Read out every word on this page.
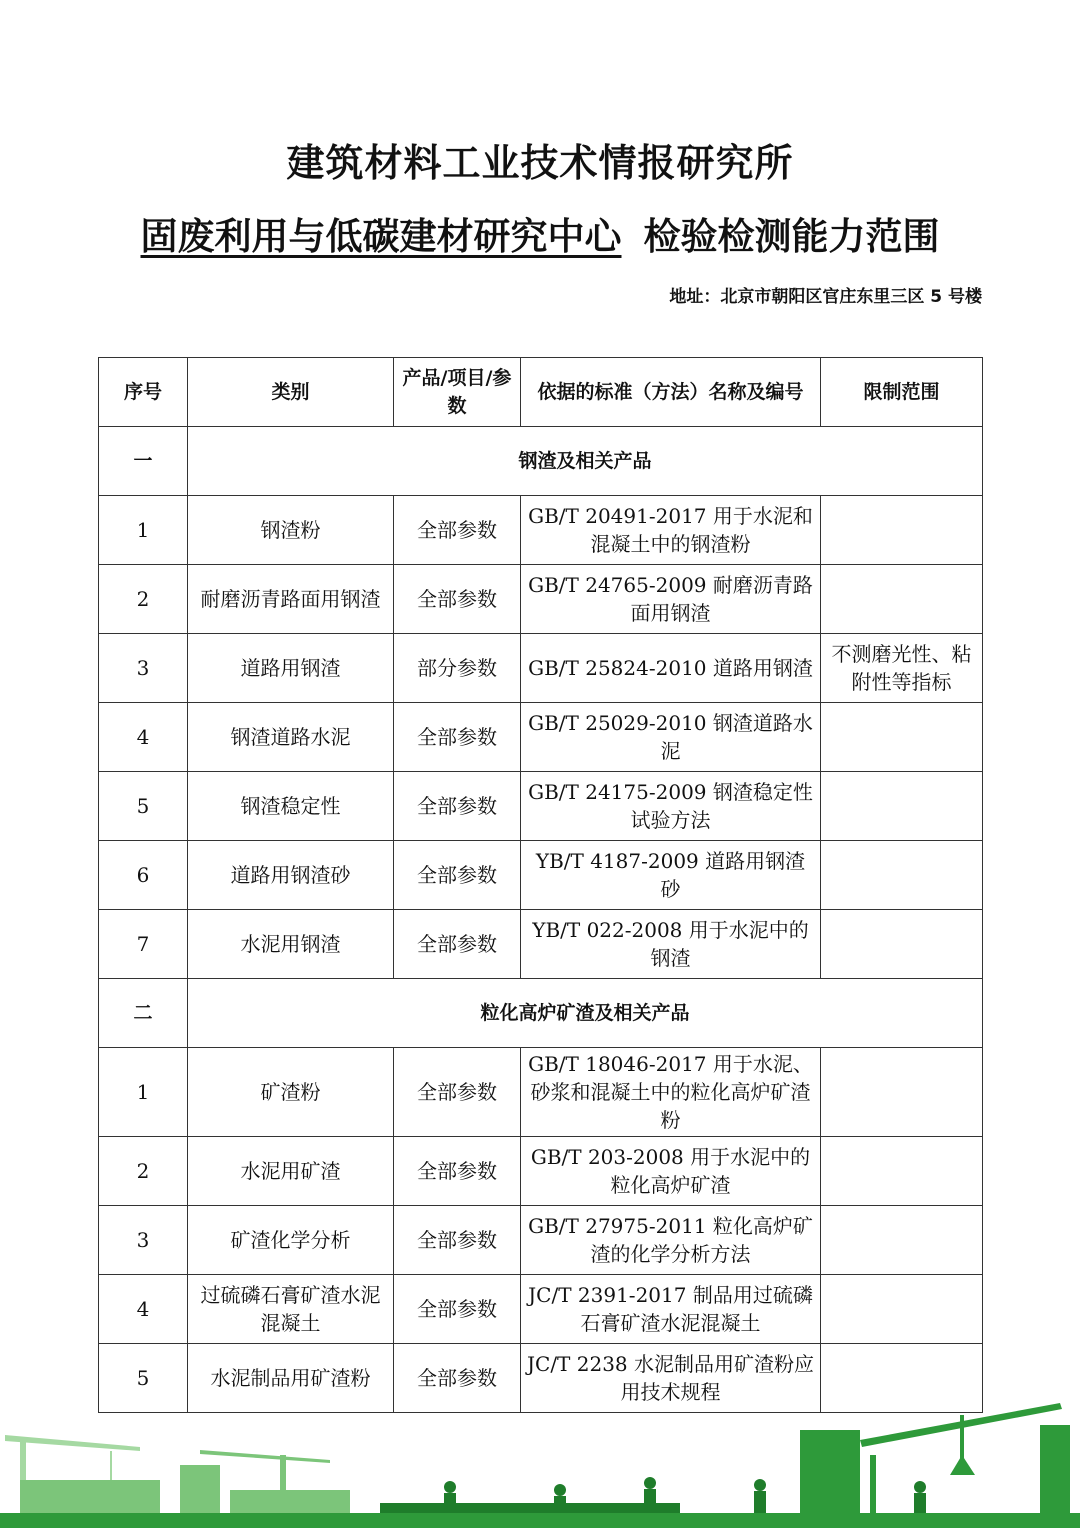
建筑材料工业技术情报研究所
固废利用与低碳建材研究中心 检验检测能力范围
地址：北京市朝阳区官庄东里三区 5 号楼
序号	类别	产品/项目/参数	依据的标准（方法）名称及编号	限制范围
一	钢渣及相关产品			
1	钢渣粉	全部参数	GB/T 20491-2017 用于水泥和混凝土中的钢渣粉	
2	耐磨沥青路面用钢渣	全部参数	GB/T 24765-2009 耐磨沥青路面用钢渣	
3	道路用钢渣	部分参数	GB/T 25824-2010 道路用钢渣	不测磨光性、粘附性等指标
4	钢渣道路水泥	全部参数	GB/T 25029-2010 钢渣道路水泥	
5	钢渣稳定性	全部参数	GB/T 24175-2009 钢渣稳定性试验方法	
6	道路用钢渣砂	全部参数	YB/T 4187-2009 道路用钢渣砂	
7	水泥用钢渣	全部参数	YB/T 022-2008 用于水泥中的钢渣	
二	粒化高炉矿渣及相关产品			
1	矿渣粉	全部参数	GB/T 18046-2017 用于水泥、砂浆和混凝土中的粒化高炉矿渣粉	
2	水泥用矿渣	全部参数	GB/T 203-2008 用于水泥中的粒化高炉矿渣	
3	矿渣化学分析	全部参数	GB/T 27975-2011 粒化高炉矿渣的化学分析方法	
4	过硫磷石膏矿渣水泥混凝土	全部参数	JC/T 2391-2017 制品用过硫磷石膏矿渣水泥混凝土	
5	水泥制品用矿渣粉	全部参数	JC/T 2238 水泥制品用矿渣粉应用技术规程	
